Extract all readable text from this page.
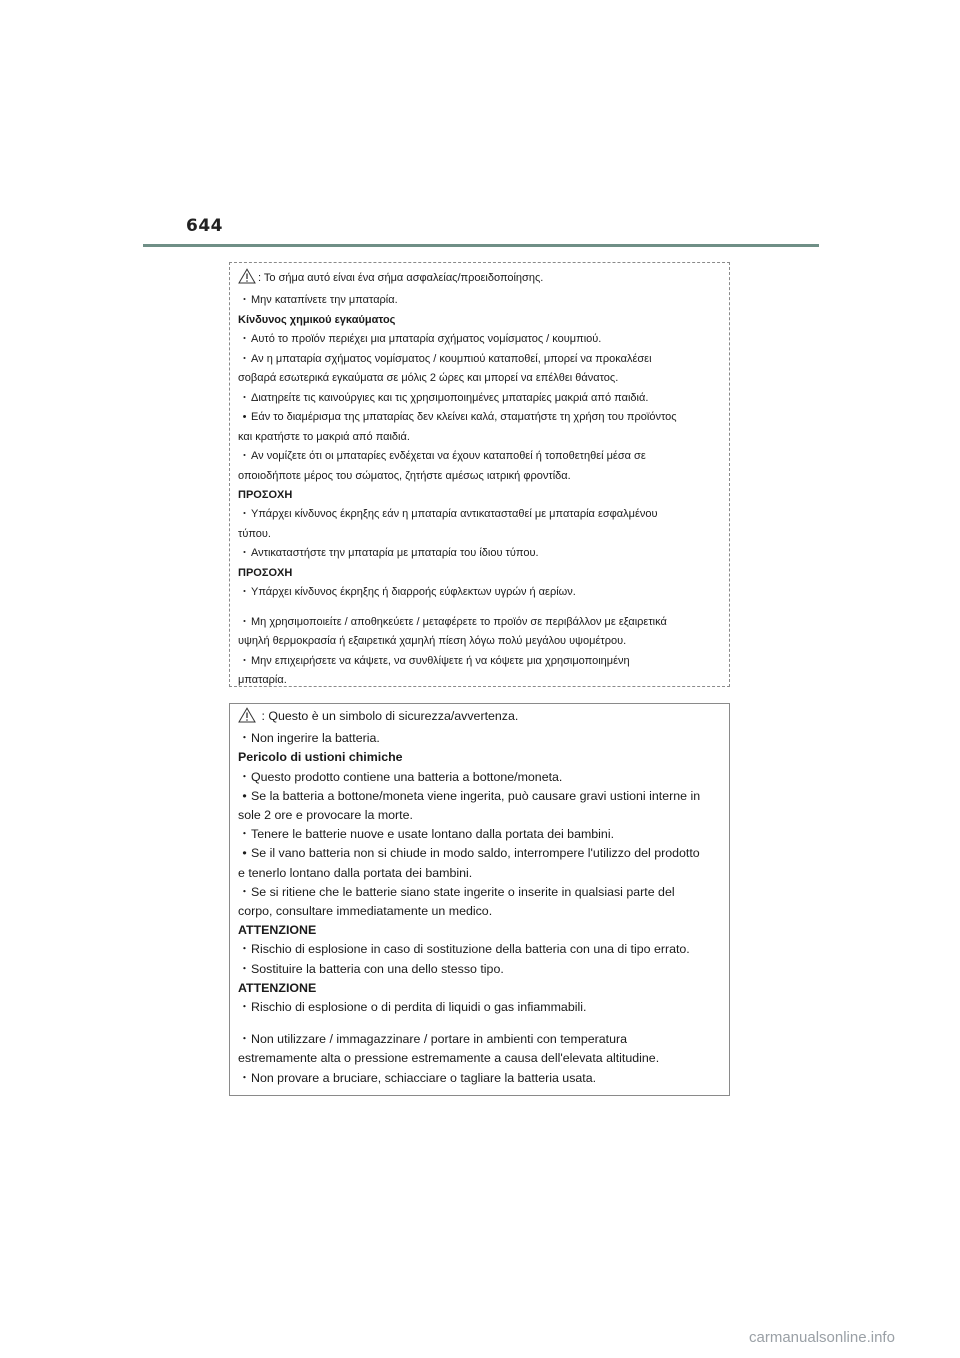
644
: Το σήμα αυτό είναι ένα σήμα ασφαλείας/προειδοποίησης.
・Μην καταπίνετε την μπαταρία.
Κίνδυνος χημικού εγκαύματος
・Αυτό το προϊόν περιέχει μια μπαταρία σχήματος νομίσματος / κουμπιού.
・Αν η μπαταρία σχήματος νομίσματος / κουμπιού καταποθεί, μπορεί να προκαλέσει
σοβαρά εσωτερικά εγκαύματα σε μόλις 2 ώρες και μπορεί να επέλθει θάνατος.
・Διατηρείτε τις καινούργιες και τις χρησιμοποιημένες μπαταρίες μακριά από παιδιά.
• Εάν το διαμέρισμα της μπαταρίας δεν κλείνει καλά, σταματήστε τη χρήση του προϊόντος
και κρατήστε το μακριά από παιδιά.
・Αν νομίζετε ότι οι μπαταρίες ενδέχεται να έχουν καταποθεί ή τοποθετηθεί μέσα σε
οποιοδήποτε μέρος του σώματος, ζητήστε αμέσως ιατρική φροντίδα.
ΠΡΟΣΟΧΗ
・Υπάρχει κίνδυνος έκρηξης εάν η μπαταρία αντικατασταθεί με μπαταρία εσφαλμένου
τύπου.
・Αντικαταστήστε την μπαταρία με μπαταρία του ίδιου τύπου.
ΠΡΟΣΟΧΗ
・Υπάρχει κίνδυνος έκρηξης ή διαρροής εύφλεκτων υγρών ή αερίων.
・Μη χρησιμοποιείτε / αποθηκεύετε / μεταφέρετε το προϊόν σε περιβάλλον με εξαιρετικά
υψηλή θερμοκρασία ή εξαιρετικά χαμηλή πίεση λόγω πολύ μεγάλου υψομέτρου.
・Μην επιχειρήσετε να κάψετε, να συνθλίψετε ή να κόψετε μια χρησιμοποιημένη
μπαταρία.
: Questo è un simbolo di sicurezza/avvertenza.
・Non ingerire la batteria.
Pericolo di ustioni chimiche
・Questo prodotto contiene una batteria a bottone/moneta.
• Se la batteria a bottone/moneta viene ingerita, può causare gravi ustioni interne in
sole 2 ore e provocare la morte.
・Tenere le batterie nuove e usate lontano dalla portata dei bambini.
• Se il vano batteria non si chiude in modo saldo, interrompere l'utilizzo del prodotto
e tenerlo lontano dalla portata dei bambini.
・Se si ritiene che le batterie siano state ingerite o inserite in qualsiasi parte del
corpo, consultare immediatamente un medico.
ATTENZIONE
・Rischio di esplosione in caso di sostituzione della batteria con una di tipo errato.
・Sostituire la batteria con una dello stesso tipo.
ATTENZIONE
・Rischio di esplosione o di perdita di liquidi o gas infiammabili.
・Non utilizzare / immagazzinare / portare in ambienti con temperatura
estremamente alta o pressione estremamente a causa dell'elevata altitudine.
・Non provare a bruciare, schiacciare o tagliare la batteria usata.
carmanualsonline.info
